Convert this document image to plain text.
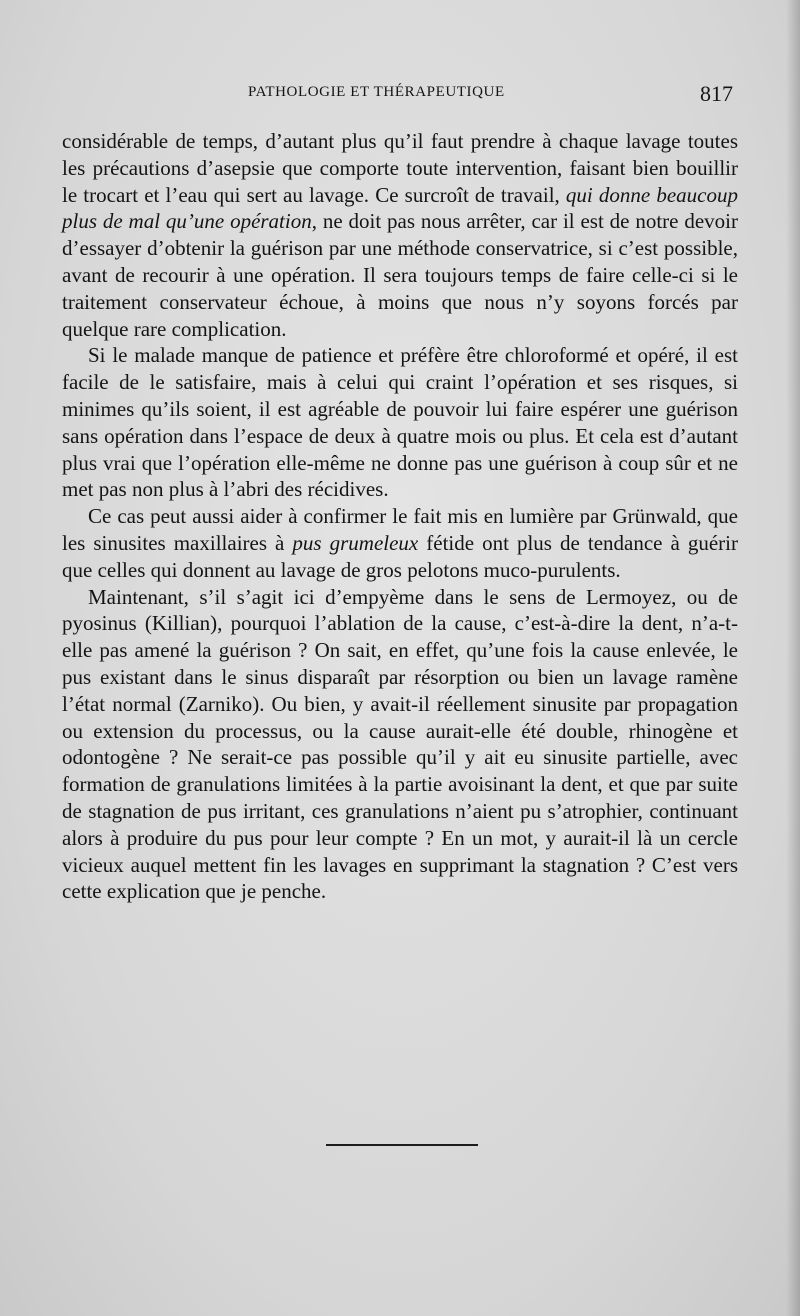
PATHOLOGIE ET THÉRAPEUTIQUE	817

considérable de temps, d’autant plus qu’il faut prendre à chaque lavage toutes les précautions d’asepsie que comporte toute intervention, faisant bien bouillir le trocart et l’eau qui sert au lavage. Ce surcroît de travail, qui donne beaucoup plus de mal qu’une opération, ne doit pas nous arrêter, car il est de notre devoir d’essayer d’obtenir la guérison par une méthode conservatrice, si c’est possible, avant de recourir à une opération. Il sera toujours temps de faire celle-ci si le traitement conservateur échoue, à moins que nous n’y soyons forcés par quelque rare complication.

Si le malade manque de patience et préfère être chloroformé et opéré, il est facile de le satisfaire, mais à celui qui craint l’opération et ses risques, si minimes qu’ils soient, il est agréable de pouvoir lui faire espérer une guérison sans opération dans l’espace de deux à quatre mois ou plus. Et cela est d’autant plus vrai que l’opération elle-même ne donne pas une guérison à coup sûr et ne met pas non plus à l’abri des récidives.

Ce cas peut aussi aider à confirmer le fait mis en lumière par Grünwald, que les sinusites maxillaires à pus grumeleux fétide ont plus de tendance à guérir que celles qui donnent au lavage de gros pelotons muco-purulents.

Maintenant, s’il s’agit ici d’empyème dans le sens de Lermoyez, ou de pyosinus (Killian), pourquoi l’ablation de la cause, c’est-à-dire la dent, n’a-t-elle pas amené la guérison ? On sait, en effet, qu’une fois la cause enlevée, le pus existant dans le sinus disparaît par résorption ou bien un lavage ramène l’état normal (Zarniko). Ou bien, y avait-il réellement sinusite par propagation ou extension du processus, ou la cause aurait-elle été double, rhinogène et odontogène ? Ne serait-ce pas possible qu’il y ait eu sinusite partielle, avec formation de granulations limitées à la partie avoisinant la dent, et que par suite de stagnation de pus irritant, ces granulations n’aient pu s’atrophier, continuant alors à produire du pus pour leur compte ? En un mot, y aurait-il là un cercle vicieux auquel mettent fin les lavages en supprimant la stagnation ? C’est vers cette explication que je penche.
